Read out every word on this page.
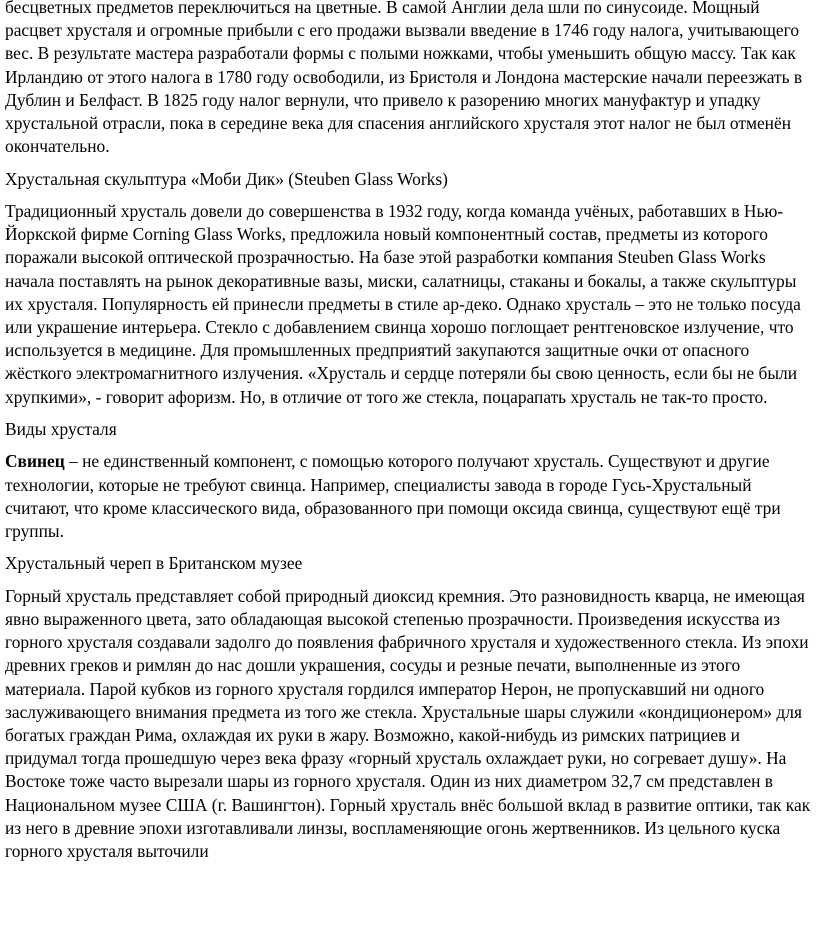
бесцветных предметов переключиться на цветные. В самой Англии дела шли по синусоиде. Мощный расцвет хрусталя и огромные прибыли с его продажи вызвали введение в 1746 году налога, учитывающего вес. В результате мастера разработали формы с полыми ножками, чтобы уменьшить общую массу. Так как Ирландию от этого налога в 1780 году освободили, из Бристоля и Лондона мастерские начали переезжать в Дублин и Белфаст. В 1825 году налог вернули, что привело к разорению многих мануфактур и упадку хрустальной отрасли, пока в середине века для спасения английского хрусталя этот налог не был отменён окончательно.

Хрустальная скульптура «Моби Дик» (Steuben Glass Works)

Традиционный хрусталь довели до совершенства в 1932 году, когда команда учёных, работавших в Нью-Йоркской фирме Corning Glass Works, предложила новый компонентный состав, предметы из которого поражали высокой оптической прозрачностью. На базе этой разработки компания Steuben Glass Works начала поставлять на рынок декоративные вазы, миски, салатницы, стаканы и бокалы, а также скульптуры их хрусталя. Популярность ей принесли предметы в стиле ар-деко. Однако хрусталь – это не только посуда или украшение интерьера. Стекло с добавлением свинца хорошо поглощает рентгеновское излучение, что используется в медицине. Для промышленных предприятий закупаются защитные очки от опасного жёсткого электромагнитного излучения. «Хрусталь и сердце потеряли бы свою ценность, если бы не были хрупкими», - говорит афоризм. Но, в отличие от того же стекла, поцарапать хрусталь не так-то просто.

Виды хрусталя

Свинец – не единственный компонент, с помощью которого получают хрусталь. Существуют и другие технологии, которые не требуют свинца. Например, специалисты завода в городе Гусь-Хрустальный считают, что кроме классического вида, образованного при помощи оксида свинца, существуют ещё три группы.

Хрустальный череп в Британском музее

Горный хрусталь представляет собой природный диоксид кремния. Это разновидность кварца, не имеющая явно выраженного цвета, зато обладающая высокой степенью прозрачности. Произведения искусства из горного хрусталя создавали задолго до появления фабричного хрусталя и художественного стекла. Из эпохи древних греков и римлян до нас дошли украшения, сосуды и резные печати, выполненные из этого материала. Парой кубков из горного хрусталя гордился император Нерон, не пропускавший ни одного заслуживающего внимания предмета из того же стекла. Хрустальные шары служили «кондиционером» для богатых граждан Рима, охлаждая их руки в жару. Возможно, какой-нибудь из римских патрициев и придумал тогда прошедшую через века фразу «горный хрусталь охлаждает руки, но согревает душу». На Востоке тоже часто вырезали шары из горного хрусталя. Один из них диаметром 32,7 см представлен в Национальном музее США (г. Вашингтон). Горный хрусталь внёс большой вклад в развитие оптики, так как из него в древние эпохи изготавливали линзы, воспламеняющие огонь жертвенников. Из цельного куска горного хрусталя выточили
